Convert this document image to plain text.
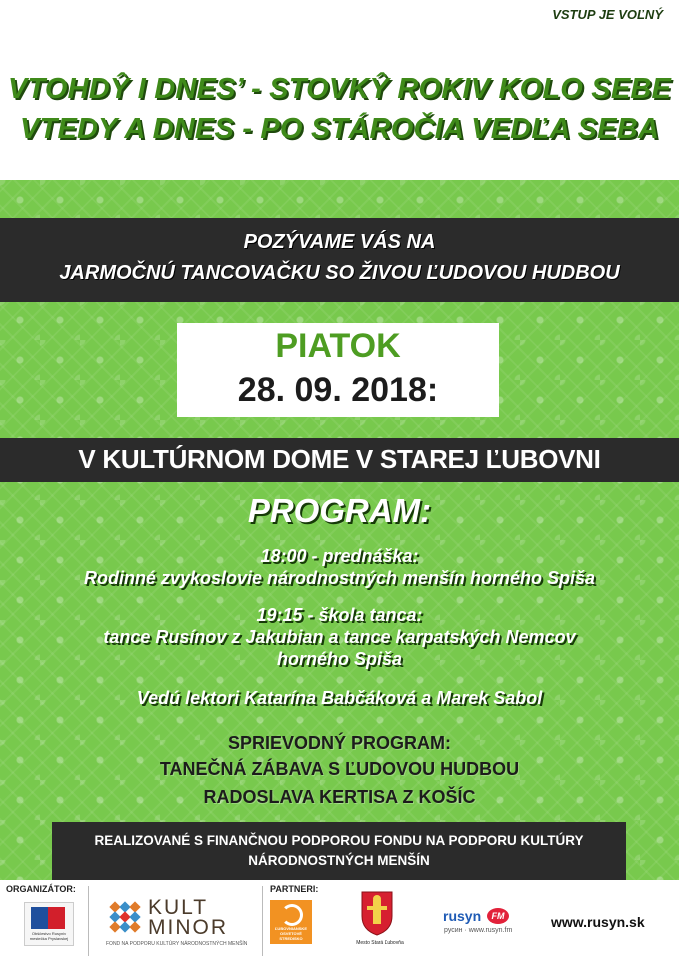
VSTUP JE VOĽNÝ
VTOHDŶ I DNES’ - STOVKŶ ROKIV KOLO SEBE
VTEDY A DNES - PO STÁROČIA VEDĽA SEBA
POZÝVAME VÁS NA
JARMOČNÚ TANCOVAČKU SO ŽIVOU ĽUDOVOU HUDBOU
PIATOK
28. 09. 2018:
V KULTÚRNOM DOME V STAREJ ĽUBOVNI
PROGRAM:
18:00 - prednáška:
Rodinné zvykoslovie národnostných menšín horného Spiša
19:15 - škola tanca:
tance Rusínov z Jakubian a tance karpatských Nemcov
horného Spiša
Vedú lektori Katarína Babčáková a Marek Sabol
SPRIEVODNÝ PROGRAM:
TANEČNÁ ZÁBAVA S ĽUDOVOU HUDBOU
RADOSLAVA KERTISA Z KOŠÍC
REALIZOVANÉ S FINANČNOU PODPOROU FONDU NA PODPORU KULTÚRY
NÁRODNOSTNÝCH MENŠÍN
ORGANIZÁTOR:
Obščestvo Rusyniv mestečka Pryslavskej
KULT
MINOR
FOND NA PODPORU KULTÚRY NÁRODNOSTNÝCH MENŠÍN
PARTNERI:
ĽUBOVNIANSKE OSVETOVÉ STREDISKO
Mesto Stará Ľubovňa
rusyn	FM
русин · www.rusyn.fm
www.rusyn.sk
